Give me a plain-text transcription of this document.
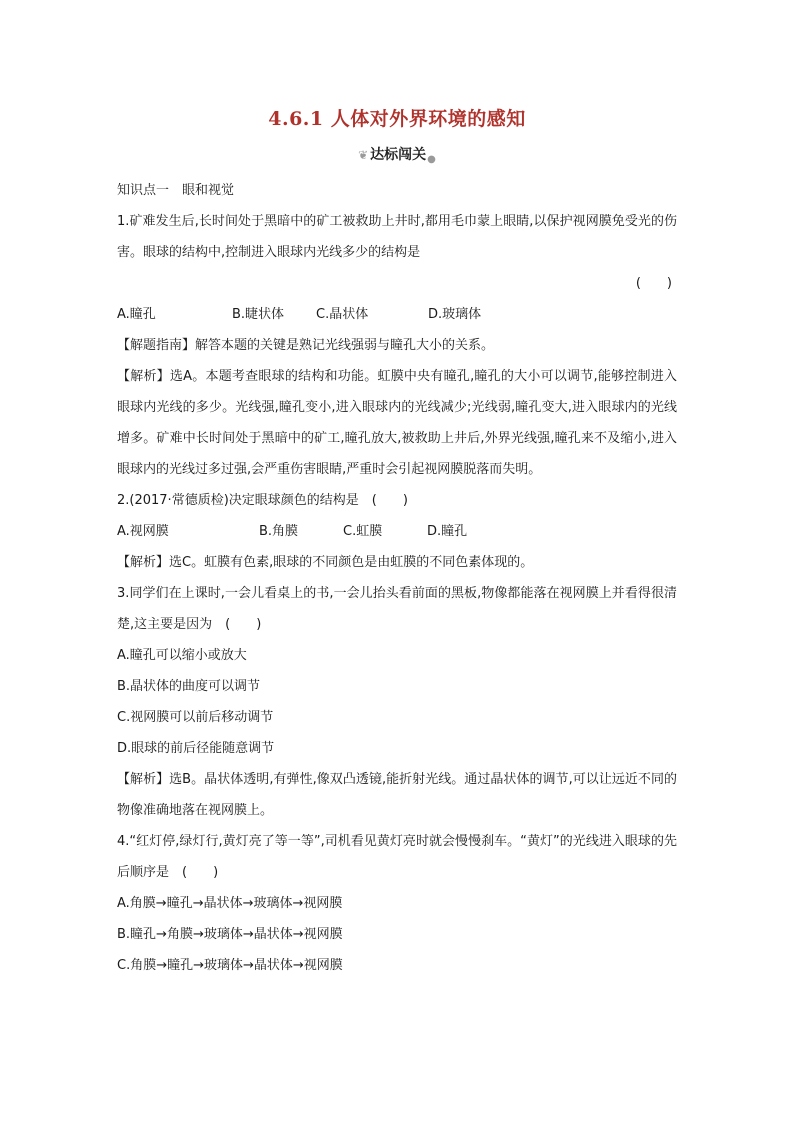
4.6.1 人体对外界环境的感知
❦ 达标闯关●
知识点一　眼和视觉
1.矿难发生后,长时间处于黑暗中的矿工被救助上井时,都用毛巾蒙上眼睛,以保护视网膜免受光的伤害。眼球的结构中,控制进入眼球内光线多少的结构是
(　　)
A.瞳孔	B.睫状体	C.晶状体	D.玻璃体
【解题指南】解答本题的关键是熟记光线强弱与瞳孔大小的关系。
【解析】选A。本题考查眼球的结构和功能。虹膜中央有瞳孔,瞳孔的大小可以调节,能够控制进入眼球内光线的多少。光线强,瞳孔变小,进入眼球内的光线减少;光线弱,瞳孔变大,进入眼球内的光线增多。矿难中长时间处于黑暗中的矿工,瞳孔放大,被救助上井后,外界光线强,瞳孔来不及缩小,进入眼球内的光线过多过强,会严重伤害眼睛,严重时会引起视网膜脱落而失明。
2.(2017·常德质检)决定眼球颜色的结构是　(　　)
A.视网膜	B.角膜	C.虹膜	D.瞳孔
【解析】选C。虹膜有色素,眼球的不同颜色是由虹膜的不同色素体现的。
3.同学们在上课时,一会儿看桌上的书,一会儿抬头看前面的黑板,物像都能落在视网膜上并看得很清楚,这主要是因为　(　　)
A.瞳孔可以缩小或放大
B.晶状体的曲度可以调节
C.视网膜可以前后移动调节
D.眼球的前后径能随意调节
【解析】选B。晶状体透明,有弹性,像双凸透镜,能折射光线。通过晶状体的调节,可以让远近不同的物像准确地落在视网膜上。
4.“红灯停,绿灯行,黄灯亮了等一等”,司机看见黄灯亮时就会慢慢刹车。“黄灯”的光线进入眼球的先后顺序是　(　　)
A.角膜→瞳孔→晶状体→玻璃体→视网膜
B.瞳孔→角膜→玻璃体→晶状体→视网膜
C.角膜→瞳孔→玻璃体→晶状体→视网膜
